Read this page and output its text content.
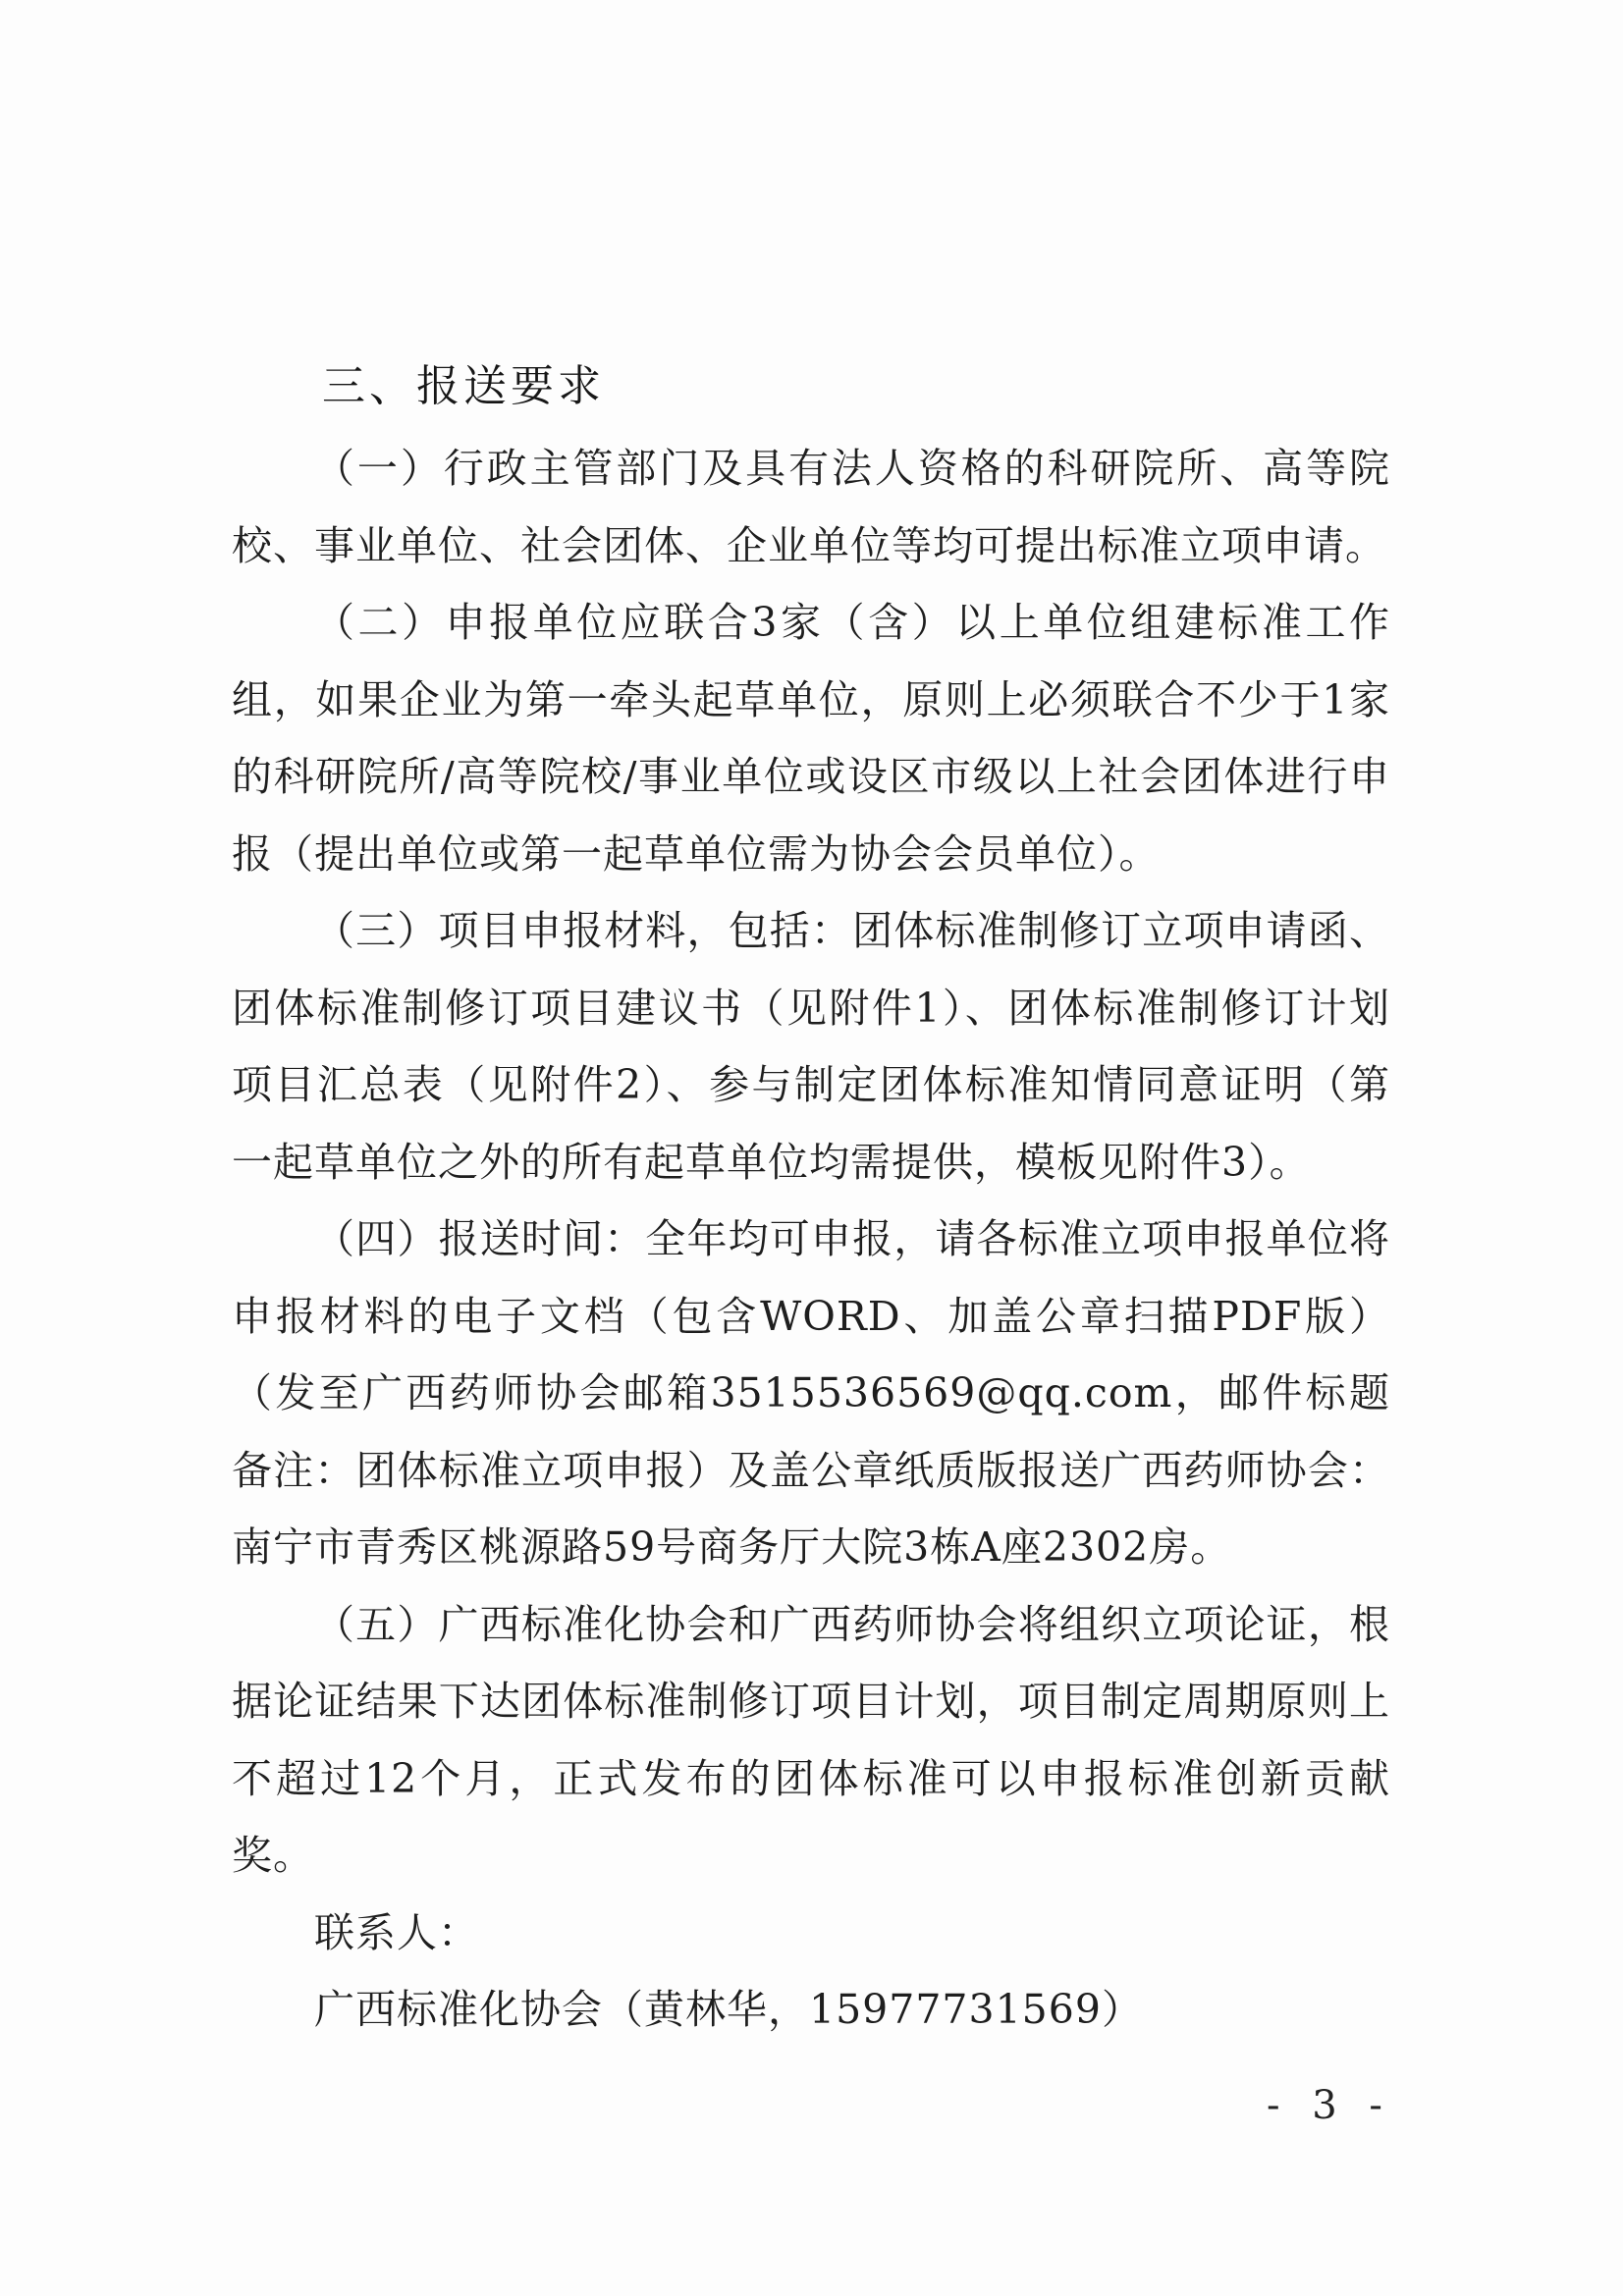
三、报送要求

（一）行政主管部门及具有法人资格的科研院所、高等院校、事业单位、社会团体、企业单位等均可提出标准立项申请。

（二）申报单位应联合3家（含）以上单位组建标准工作组，如果企业为第一牵头起草单位，原则上必须联合不少于1家的科研院所/高等院校/事业单位或设区市级以上社会团体进行申报（提出单位或第一起草单位需为协会会员单位）。

（三）项目申报材料，包括：团体标准制修订立项申请函、团体标准制修订项目建议书（见附件1）、团体标准制修订计划项目汇总表（见附件2）、参与制定团体标准知情同意证明（第一起草单位之外的所有起草单位均需提供，模板见附件3）。

（四）报送时间：全年均可申报，请各标准立项申报单位将申报材料的电子文档（包含WORD、加盖公章扫描PDF版）（发至广西药师协会邮箱3515536569@qq.com，邮件标题备注：团体标准立项申报）及盖公章纸质版报送广西药师协会：南宁市青秀区桃源路59号商务厅大院3栋A座2302房。

（五）广西标准化协会和广西药师协会将组织立项论证，根据论证结果下达团体标准制修订项目计划，项目制定周期原则上不超过12个月，正式发布的团体标准可以申报标准创新贡献奖。

联系人：

广西标准化协会（黄林华，15977731569）

- 3 -
